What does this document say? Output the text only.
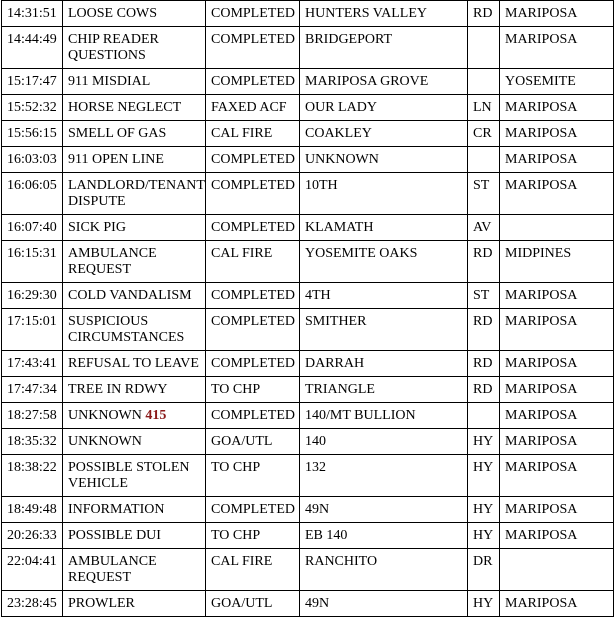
14:31:51	LOOSE COWS	COMPLETED	HUNTERS VALLEY	RD	MARIPOSA
14:44:49	CHIP READER QUESTIONS	COMPLETED	BRIDGEPORT		MARIPOSA
15:17:47	911 MISDIAL	COMPLETED	MARIPOSA GROVE		YOSEMITE
15:52:32	HORSE NEGLECT	FAXED ACF	OUR LADY	LN	MARIPOSA
15:56:15	SMELL OF GAS	CAL FIRE	COAKLEY	CR	MARIPOSA
16:03:03	911 OPEN LINE	COMPLETED	UNKNOWN		MARIPOSA
16:06:05	LANDLORD/TENANT DISPUTE	COMPLETED	10TH	ST	MARIPOSA
16:07:40	SICK PIG	COMPLETED	KLAMATH	AV	
16:15:31	AMBULANCE REQUEST	CAL FIRE	YOSEMITE OAKS	RD	MIDPINES
16:29:30	COLD VANDALISM	COMPLETED	4TH	ST	MARIPOSA
17:15:01	SUSPICIOUS CIRCUMSTANCES	COMPLETED	SMITHER	RD	MARIPOSA
17:43:41	REFUSAL TO LEAVE	COMPLETED	DARRAH	RD	MARIPOSA
17:47:34	TREE IN RDWY	TO CHP	TRIANGLE	RD	MARIPOSA
18:27:58	UNKNOWN 415	COMPLETED	140/MT BULLION		MARIPOSA
18:35:32	UNKNOWN	GOA/UTL	140	HY	MARIPOSA
18:38:22	POSSIBLE STOLEN VEHICLE	TO CHP	132	HY	MARIPOSA
18:49:48	INFORMATION	COMPLETED	49N	HY	MARIPOSA
20:26:33	POSSIBLE DUI	TO CHP	EB 140	HY	MARIPOSA
22:04:41	AMBULANCE REQUEST	CAL FIRE	RANCHITO	DR	
23:28:45	PROWLER	GOA/UTL	49N	HY	MARIPOSA
